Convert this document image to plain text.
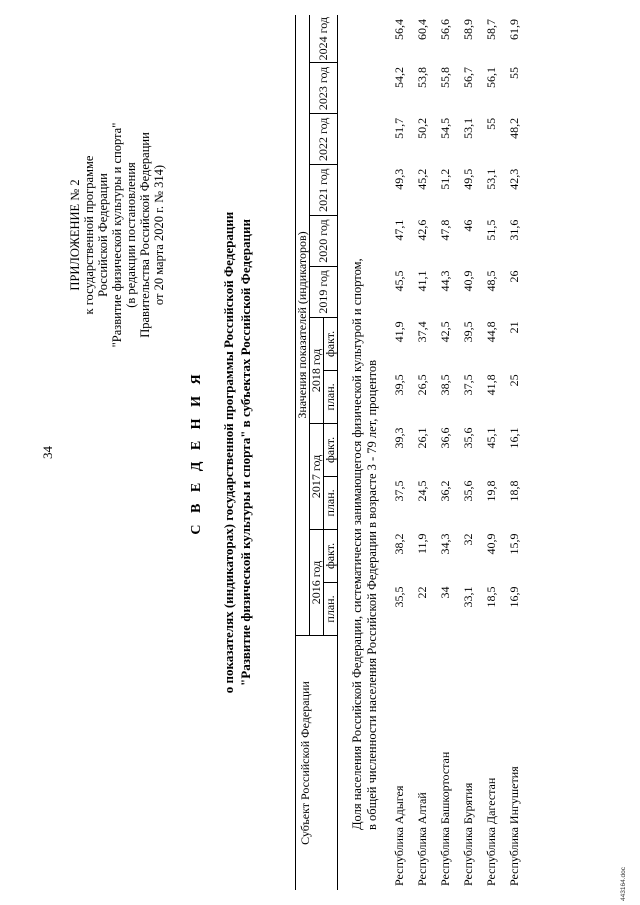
34
ПРИЛОЖЕНИЕ № 2
к государственной программе
Российской Федерации
"Развитие физической культуры и спорта"
(в редакции постановления
Правительства Российской Федерации
от 20 марта 2020 г. № 314)
С В Е Д Е Н И Я
о показателях (индикаторах) государственной программы Российской Федерации
"Развитие физической культуры и спорта" в субъектах Российской Федерации
Субъект Российской Федерации	Значения показателей (индикаторов)											
	2016 год		2017 год		2018 год		2019 год	2020 год	2021 год	2022 год	2023 год	2024 год
	план.	факт.	план.	факт.	план.	факт.						
Доля населения Российской Федерации, систематически занимающегося физической культурой и спортом,
в общей численности населения Российской Федерации в возрасте 3 - 79 лет, процентов												
Республика Адыгея	35,5	38,2	37,5	39,3	39,5	41,9	45,5	47,1	49,3	51,7	54,2	56,4
Республика Алтай	22	11,9	24,5	26,1	26,5	37,4	41,1	42,6	45,2	50,2	53,8	60,4
Республика Башкортостан	34	34,3	36,2	36,6	38,5	42,5	44,3	47,8	51,2	54,5	55,8	56,6
Республика Бурятия	33,1	32	35,6	35,6	37,5	39,5	40,9	46	49,5	53,1	56,7	58,9
Республика Дагестан	18,5	40,9	19,8	45,1	41,8	44,8	48,5	51,5	53,1	55	56,1	58,7
Республика Ингушетия	16,9	15,9	18,8	16,1	25	21	26	31,6	42,3	48,2	55	61,9
443164.doc
